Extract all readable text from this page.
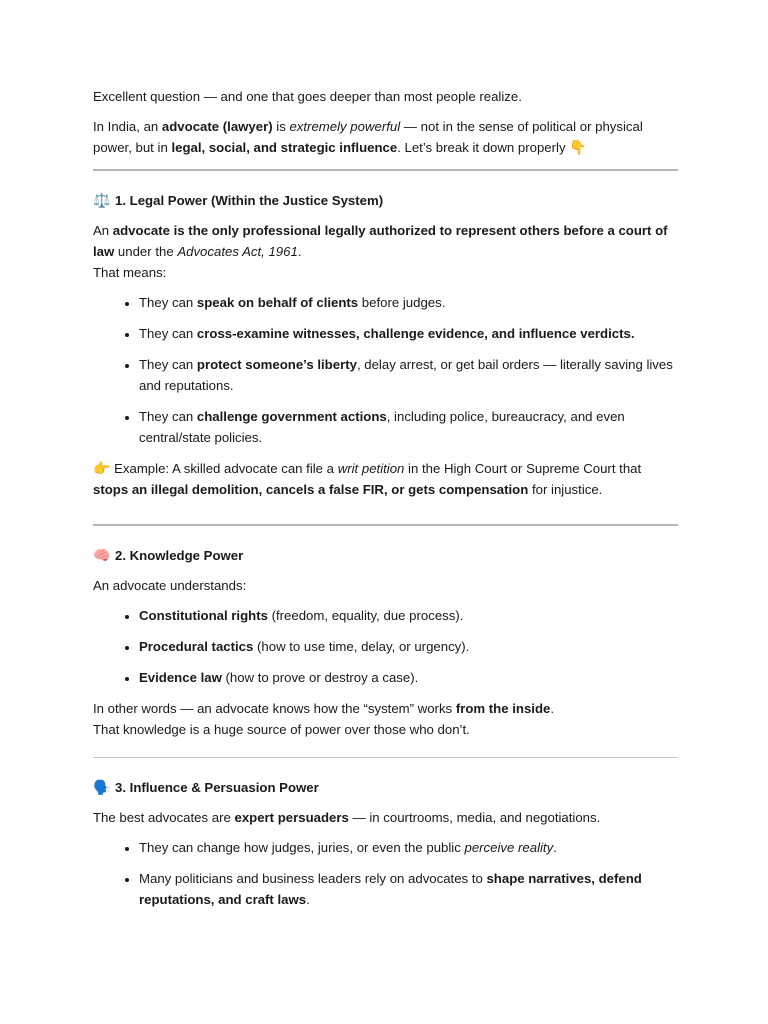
Excellent question — and one that goes deeper than most people realize.

In India, an advocate (lawyer) is extremely powerful — not in the sense of political or physical power, but in legal, social, and strategic influence. Let’s break it down properly 👇

⚖️ 1. Legal Power (Within the Justice System)

An advocate is the only professional legally authorized to represent others before a court of law under the Advocates Act, 1961.
That means:

• They can speak on behalf of clients before judges.
• They can cross-examine witnesses, challenge evidence, and influence verdicts.
• They can protect someone’s liberty, delay arrest, or get bail orders — literally saving lives and reputations.
• They can challenge government actions, including police, bureaucracy, and even central/state policies.

👉 Example: A skilled advocate can file a writ petition in the High Court or Supreme Court that stops an illegal demolition, cancels a false FIR, or gets compensation for injustice.

🧠 2. Knowledge Power

An advocate understands:

• Constitutional rights (freedom, equality, due process).
• Procedural tactics (how to use time, delay, or urgency).
• Evidence law (how to prove or destroy a case).

In other words — an advocate knows how the “system” works from the inside.
That knowledge is a huge source of power over those who don’t.

🗣️ 3. Influence & Persuasion Power

The best advocates are expert persuaders — in courtrooms, media, and negotiations.

• They can change how judges, juries, or even the public perceive reality.
• Many politicians and business leaders rely on advocates to shape narratives, defend reputations, and craft laws.
